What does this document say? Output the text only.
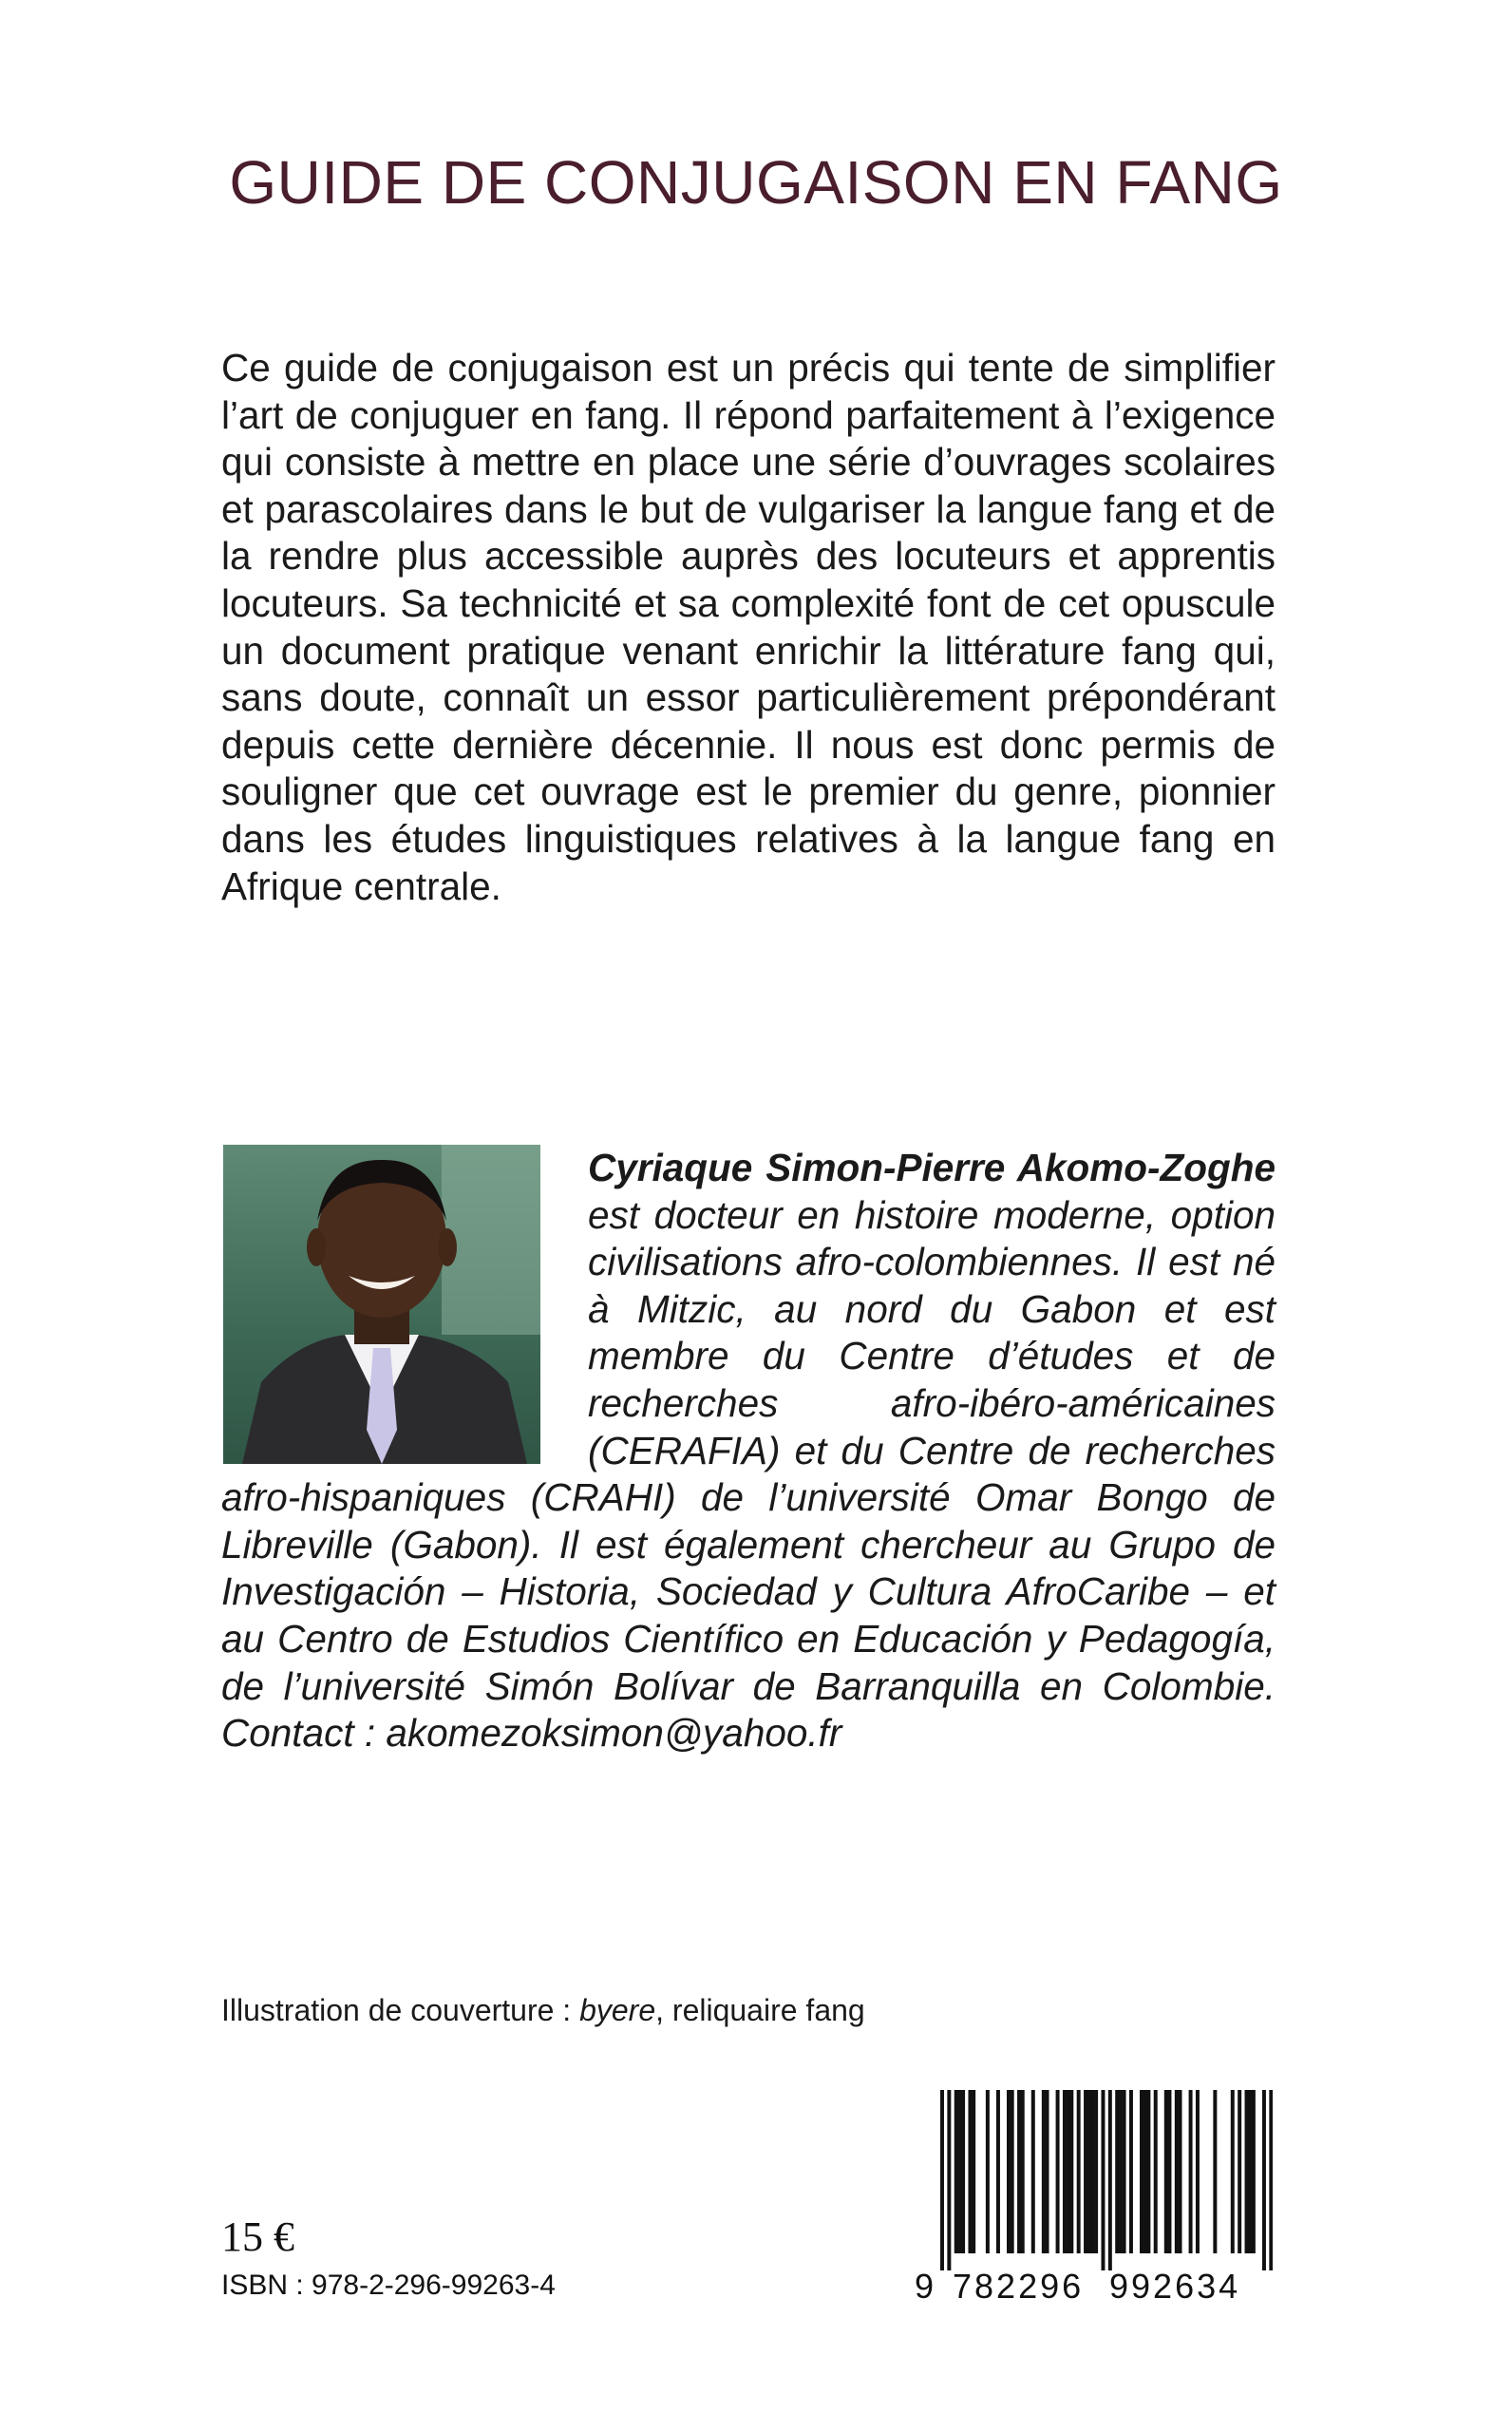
GUIDE DE CONJUGAISON EN FANG

Ce guide de conjugaison est un précis qui tente de simplifier l’art de conjuguer en fang. Il répond parfaitement à l’exigence qui consiste à mettre en place une série d’ouvrages scolaires et parascolaires dans le but de vulgariser la langue fang et de la rendre plus accessible auprès des locuteurs et apprentis locuteurs. Sa technicité et sa complexité font de cet opuscule un document pratique venant enrichir la littérature fang qui, sans doute, connaît un essor particulièrement prépondérant depuis cette dernière décennie. Il nous est donc permis de souligner que cet ouvrage est le premier du genre, pionnier dans les études linguistiques relatives à la langue fang en Afrique centrale.

Cyriaque Simon-Pierre Akomo-Zoghe est docteur en histoire moderne, option civilisations afro-colombiennes. Il est né à Mitzic, au nord du Gabon et est membre du Centre d’études et de recherches afro-ibéro-américaines (CERAFIA) et du Centre de recherches afro-hispaniques (CRAHI) de l’université Omar Bongo de Libreville (Gabon). Il est également chercheur au Grupo de Investigación – Historia, Sociedad y Cultura AfroCaribe – et au Centro de Estudios Científico en Educación y Pedagogía, de l’université Simón Bolívar de Barranquilla en Colombie. Contact : akomezoksimon@yahoo.fr

Illustration de couverture : byere, reliquaire fang

15 €

ISBN : 978-2-296-99263-4	9 782296 992634
